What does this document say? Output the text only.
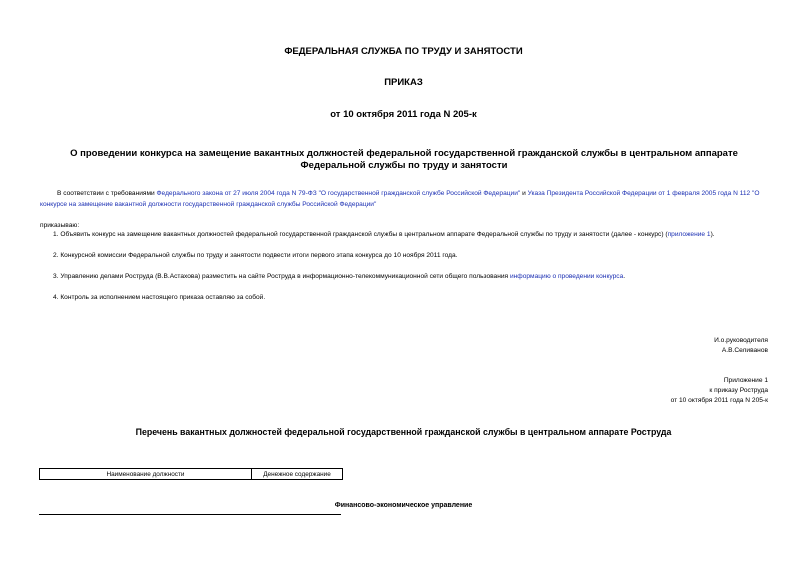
ФЕДЕРАЛЬНАЯ СЛУЖБА ПО ТРУДУ И ЗАНЯТОСТИ
ПРИКАЗ
от 10 октября 2011 года N 205-к
О проведении конкурса на замещение вакантных должностей федеральной государственной гражданской службы в центральном аппарате Федеральной службы по труду и занятости
В соответствии с требованиями Федерального закона от 27 июля 2004 года N 79-ФЗ "О государственной гражданской службе Российской Федерации" и Указа Президента Российской Федерации от 1 февраля 2005 года N 112 "О конкурсе на замещение вакантной должности государственной гражданской службы Российской Федерации"
приказываю:
1. Объявить конкурс на замещение вакантных должностей федеральной государственной гражданской службы в центральном аппарате Федеральной службы по труду и занятости (далее - конкурс) (приложение 1).
2. Конкурсной комиссии Федеральной службы по труду и занятости подвести итоги первого этапа конкурса до 10 ноября 2011 года.
3. Управлению делами Роструда (В.В.Астахова) разместить на сайте Роструда в информационно-телекоммуникационной сети общего пользования информацию о проведении конкурса.
4. Контроль за исполнением настоящего приказа оставляю за собой.
И.о.руководителя
А.В.Селиванов
Приложение 1
к приказу Роструда
от 10 октября 2011 года N 205-к
Перечень вакантных должностей федеральной государственной гражданской службы в центральном аппарате Роструда
Наименование должности	Денежное содержание
Финансово-экономическое управление
